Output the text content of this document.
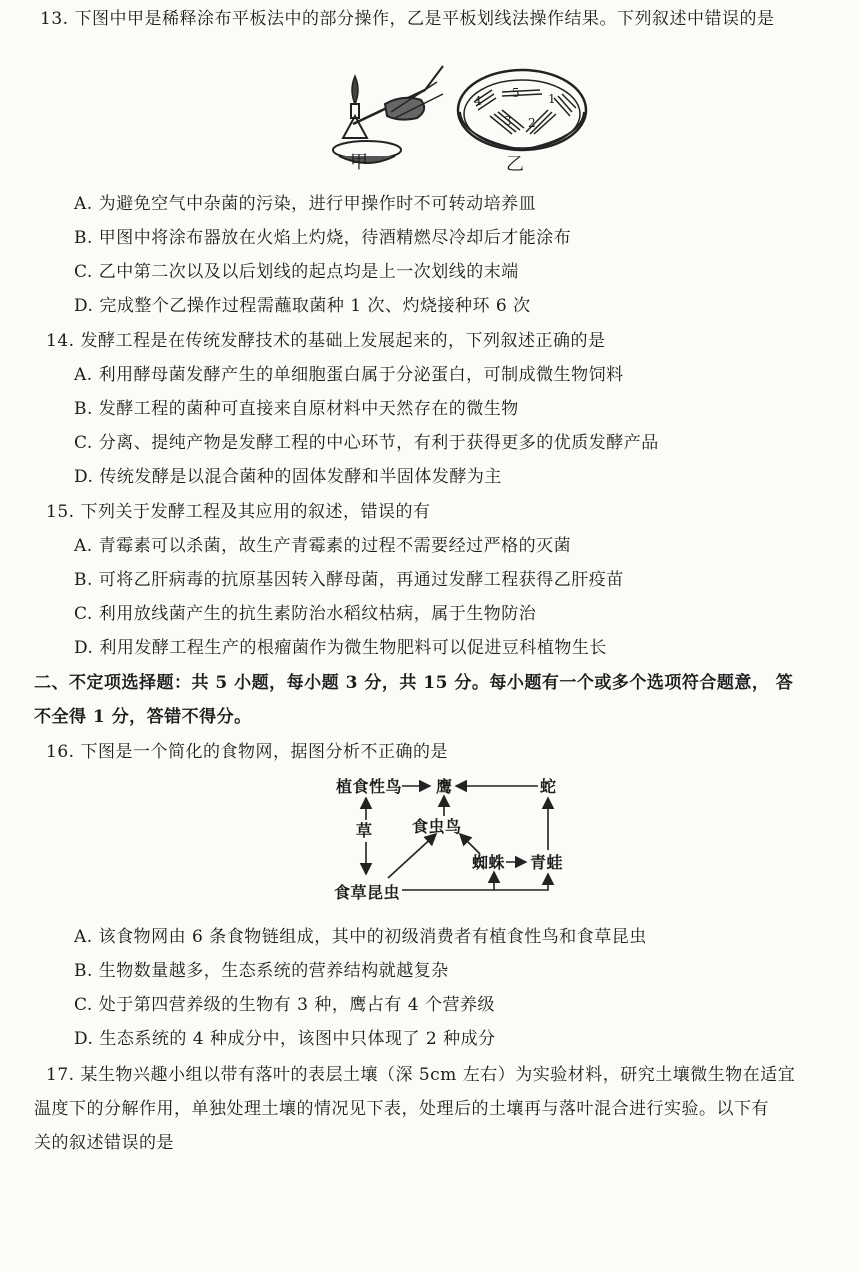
13. 下图中甲是稀释涂布平板法中的部分操作，乙是平板划线法操作结果。下列叙述中错误的是
甲
4
5 1
3 2
乙
A. 为避免空气中杂菌的污染，进行甲操作时不可转动培养皿
B. 甲图中将涂布器放在火焰上灼烧，待酒精燃尽冷却后才能涂布
C. 乙中第二次以及以后划线的起点均是上一次划线的末端
D. 完成整个乙操作过程需蘸取菌种 1 次、灼烧接种环 6 次
14. 发酵工程是在传统发酵技术的基础上发展起来的，下列叙述正确的是
A. 利用酵母菌发酵产生的单细胞蛋白属于分泌蛋白，可制成微生物饲料
B. 发酵工程的菌种可直接来自原材料中天然存在的微生物
C. 分离、提纯产物是发酵工程的中心环节，有利于获得更多的优质发酵产品
D. 传统发酵是以混合菌种的固体发酵和半固体发酵为主
15. 下列关于发酵工程及其应用的叙述，错误的有
A. 青霉素可以杀菌，故生产青霉素的过程不需要经过严格的灭菌
B. 可将乙肝病毒的抗原基因转入酵母菌，再通过发酵工程获得乙肝疫苗
C. 利用放线菌产生的抗生素防治水稻纹枯病，属于生物防治
D. 利用发酵工程生产的根瘤菌作为微生物肥料可以促进豆科植物生长
二、不定项选择题：共 5 小题，每小题 3 分，共 15 分。每小题有一个或多个选项符合题意， 答
不全得 1 分，答错不得分。
16. 下图是一个简化的食物网，据图分析不正确的是
植食性鸟 鹰	蛇
草 食虫鸟
蜘蛛 青蛙
食草昆虫
A. 该食物网由 6 条食物链组成，其中的初级消费者有植食性鸟和食草昆虫
B. 生物数量越多，生态系统的营养结构就越复杂
C. 处于第四营养级的生物有 3 种，鹰占有 4 个营养级
D. 生态系统的 4 种成分中，该图中只体现了 2 种成分
17. 某生物兴趣小组以带有落叶的表层土壤（深 5cm 左右）为实验材料，研究土壤微生物在适宜
温度下的分解作用，单独处理土壤的情况见下表，处理后的土壤再与落叶混合进行实验。以下有
关的叙述错误的是
